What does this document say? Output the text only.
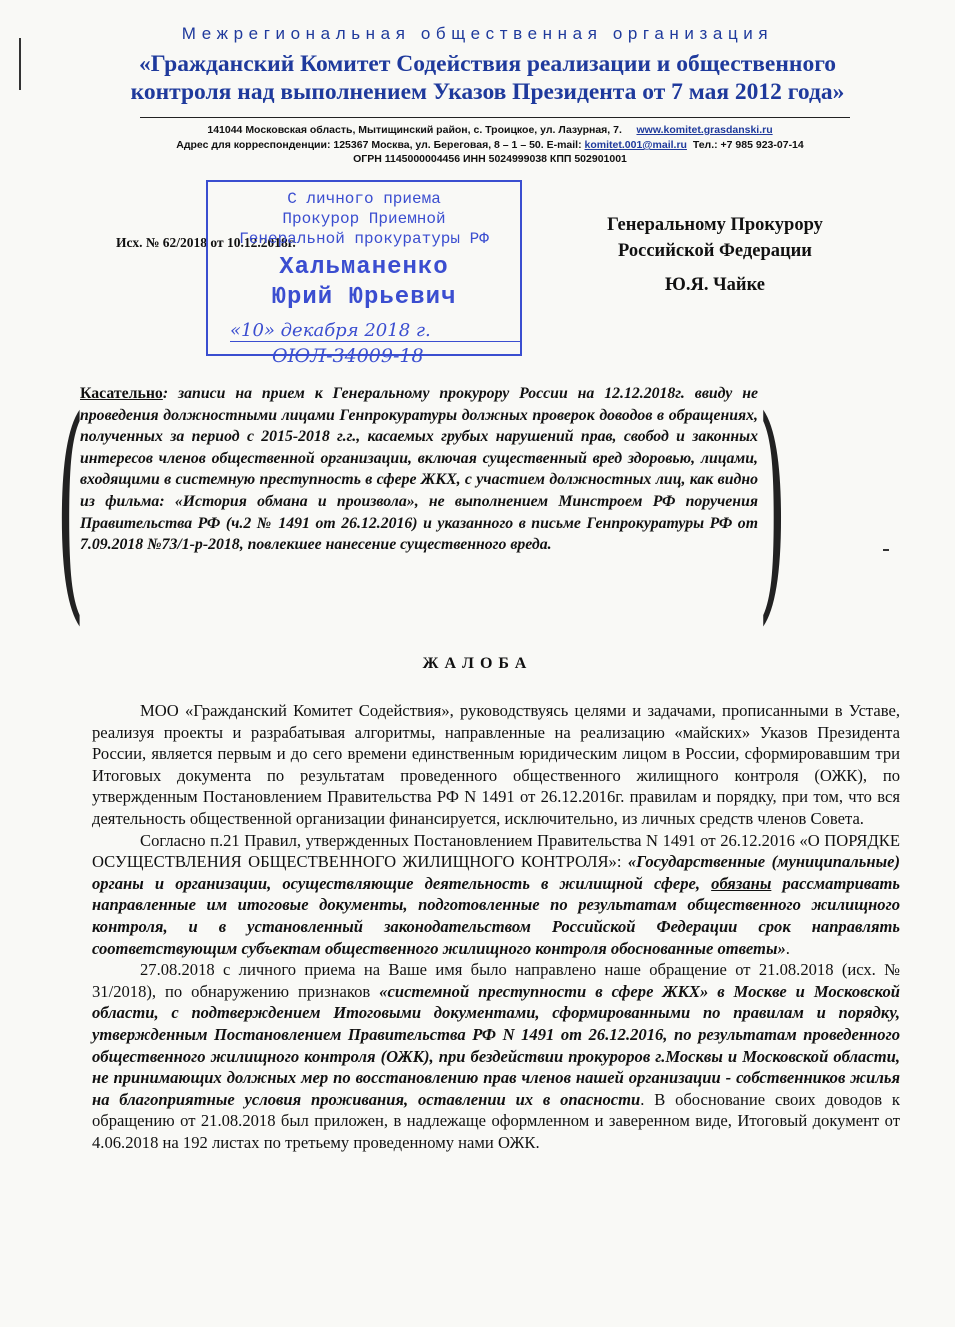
Межрегиональная общественная организация
«Гражданский Комитет Содействия реализации и общественного
контроля над выполнением Указов Президента от 7 мая 2012 года»
141044 Московская область, Мытищинский район, с. Троицкое, ул. Лазурная, 7. www.komitet.grasdanski.ru
Адрес для корреспонденции: 125367 Москва, ул. Береговая, 8 – 1 – 50. E-mail: komitet.001@mail.ru Тел.: +7 985 923-07-14
ОГРН 1145000004456 ИНН 5024999038 КПП 502901001
Исх. № 62/2018 от 10.12.2018г.
С личного приема
Прокурор Приемной
Генеральной прокуратуры РФ
Хальманенко
Юрий Юрьевич
«10» декабря 2018 г.
ОЮЛ-34009-18
Генеральному Прокурору
Российской Федерации
Ю.Я. Чайке
(	)
Касательно: записи на прием к Генеральному прокурору России на 12.12.2018г. ввиду не проведения должностными лицами Генпрокуратуры должных проверок доводов в обращениях, полученных за период с 2015-2018 г.г., касаемых грубых нарушений прав, свобод и законных интересов членов общественной организации, включая существенный вред здоровью, лицами, входящими в системную преступность в сфере ЖКХ, с участием должностных лиц, как видно из фильма: «История обмана и произвола», не выполнением Минстроем РФ поручения Правительства РФ (ч.2 № 1491 от 26.12.2016) и указанного в письме Генпрокуратуры РФ от 7.09.2018 №73/1-р-2018, повлекшее нанесение существенного вреда.
ЖАЛОБА

МОО «Гражданский Комитет Содействия», руководствуясь целями и задачами, прописанными в Уставе, реализуя проекты и разрабатывая алгоритмы, направленные на реализацию «майских» Указов Президента России, является первым и до сего времени единственным юридическим лицом в России, сформировавшим три Итоговых документа по результатам проведенного общественного жилищного контроля (ОЖК), по утвержденным Постановлением Правительства РФ N 1491 от 26.12.2016г. правилам и порядку, при том, что вся деятельность общественной организации финансируется, исключительно, из личных средств членов Совета.

Согласно п.21 Правил, утвержденных Постановлением Правительства N 1491 от 26.12.2016 «О ПОРЯДКЕ ОСУЩЕСТВЛЕНИЯ ОБЩЕСТВЕННОГО ЖИЛИЩНОГО КОНТРОЛЯ»: «Государственные (муниципальные) органы и организации, осуществляющие деятельность в жилищной сфере, обязаны рассматривать направленные им итоговые документы, подготовленные по результатам общественного жилищного контроля, и в установленный законодательством Российской Федерации срок направлять соответствующим субъектам общественного жилищного контроля обоснованные ответы».

27.08.2018 с личного приема на Ваше имя было направлено наше обращение от 21.08.2018 (исх. № 31/2018), по обнаружению признаков «системной преступности в сфере ЖКХ» в Москве и Московской области, с подтверждением Итоговыми документами, сформированными по правилам и порядку, утвержденным Постановлением Правительства РФ N 1491 от 26.12.2016, по результатам проведенного общественного жилищного контроля (ОЖК), при бездействии прокуроров г.Москвы и Московской области, не принимающих должных мер по восстановлению прав членов нашей организации - собственников жилья на благоприятные условия проживания, оставлении их в опасности. В обоснование своих доводов к обращению от 21.08.2018 был приложен, в надлежаще оформленном и заверенном виде, Итоговый документ от 4.06.2018 на 192 листах по третьему проведенному нами ОЖК.
